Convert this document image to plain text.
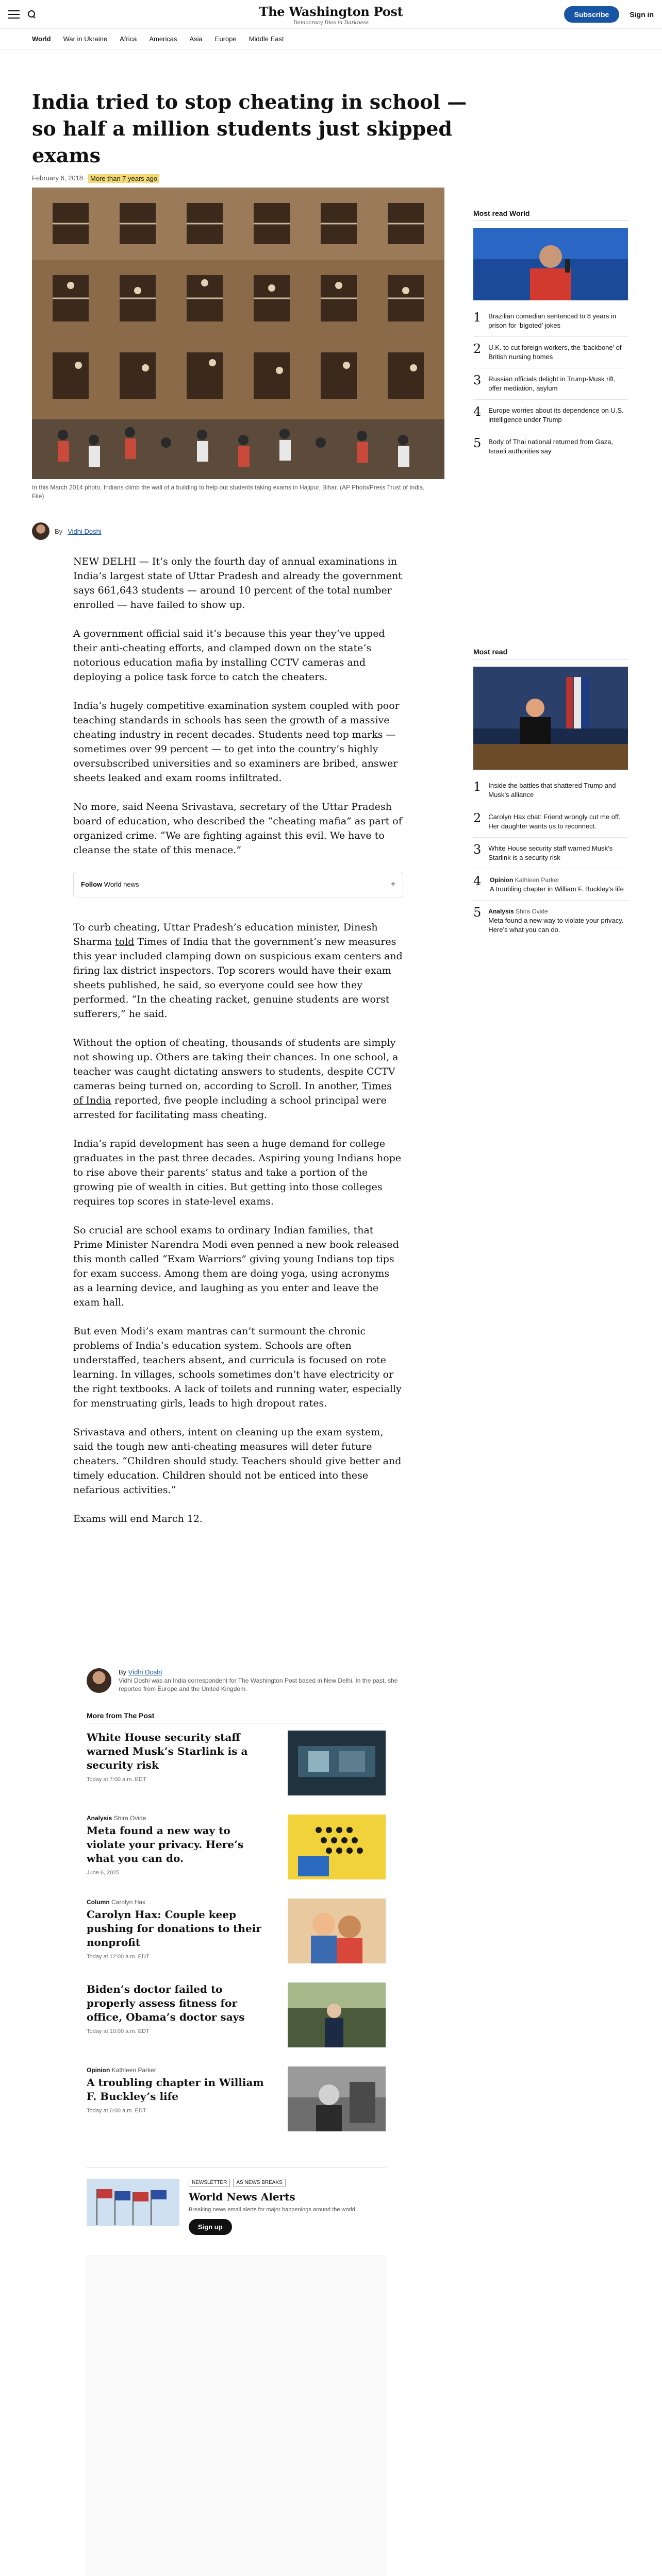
The Washington Post
Democracy Dies in Darkness
Subscribe	Sign in
World War in Ukraine Africa Americas Asia Europe Middle East
India tried to stop cheating in school — so half a million students just skipped exams
February 6, 2018	More than 7 years ago

In this March 2014 photo, Indians climb the wall of a building to help out students taking exams in Hajipur, Bihar. (AP Photo/Press Trust of India, File)

By Vidhi Doshi

NEW DELHI — It’s only the fourth day of annual examinations in India’s largest state of Uttar Pradesh and already the government says 661,643 students — around 10 percent of the total number enrolled — have failed to show up.

A government official said it’s because this year they’ve upped their anti-cheating efforts, and clamped down on the state’s notorious education mafia by installing CCTV cameras and deploying a police task force to catch the cheaters.

India’s hugely competitive examination system coupled with poor teaching standards in schools has seen the growth of a massive cheating industry in recent decades. Students need top marks — sometimes over 99 percent — to get into the country’s highly oversubscribed universities and so examiners are bribed, answer sheets leaked and exam rooms infiltrated.

No more, said Neena Srivastava, secretary of the Uttar Pradesh board of education, who described the “cheating mafia” as part of organized crime. “We are fighting against this evil. We have to cleanse the state of this menace.”

Follow World news	+

To curb cheating, Uttar Pradesh’s education minister, Dinesh Sharma told Times of India that the government’s new measures this year included clamping down on suspicious exam centers and firing lax district inspectors. Top scorers would have their exam sheets published, he said, so everyone could see how they performed. “In the cheating racket, genuine students are worst sufferers,” he said.

Without the option of cheating, thousands of students are simply not showing up. Others are taking their chances. In one school, a teacher was caught dictating answers to students, despite CCTV cameras being turned on, according to Scroll. In another, Times of India reported, five people including a school principal were arrested for facilitating mass cheating.

India’s rapid development has seen a huge demand for college graduates in the past three decades. Aspiring young Indians hope to rise above their parents’ status and take a portion of the growing pie of wealth in cities. But getting into those colleges requires top scores in state-level exams.

So crucial are school exams to ordinary Indian families, that Prime Minister Narendra Modi even penned a new book released this month called “Exam Warriors” giving young Indians top tips for exam success. Among them are doing yoga, using acronyms as a learning device, and laughing as you enter and leave the exam hall.

But even Modi’s exam mantras can’t surmount the chronic problems of India’s education system. Schools are often understaffed, teachers absent, and curricula is focused on rote learning. In villages, schools sometimes don’t have electricity or the right textbooks. A lack of toilets and running water, especially for menstruating girls, leads to high dropout rates.

Srivastava and others, intent on cleaning up the exam system, said the tough new anti-cheating measures will deter future cheaters. “Children should study. Teachers should give better and timely education. Children should not be enticed into these nefarious activities.”

Exams will end March 12.

Most read World
1 Brazilian comedian sentenced to 8 years in prison for ‘bigoted’ jokes
2 U.K. to cut foreign workers, the ‘backbone’ of British nursing homes
3 Russian officials delight in Trump-Musk rift, offer mediation, asylum
4 Europe worries about its dependence on U.S. intelligence under Trump
5 Body of Thai national returned from Gaza, Israeli authorities say
Most read
1 Inside the battles that shattered Trump and Musk’s alliance
2 Carolyn Hax chat: Friend wrongly cut me off. Her daughter wants us to reconnect.
3 White House security staff warned Musk’s Starlink is a security risk
4 Opinion Kathleen Parker
A troubling chapter in William F. Buckley’s life
5 Analysis Shira Ovide
Meta found a new way to violate your privacy. Here’s what you can do.
By Vidhi Doshi
Vidhi Doshi was an India correspondent for The Washington Post based in New Delhi. In the past, she reported from Europe and the United Kingdom.
More from The Post
White House security staff warned Musk’s Starlink is a security risk
Today at 7:00 a.m. EDT
Analysis Shira Ovide
Meta found a new way to violate your privacy. Here’s what you can do.
June 6, 2025
Column Carolyn Hax
Carolyn Hax: Couple keep pushing for donations to their nonprofit
Today at 12:00 a.m. EDT
Biden’s doctor failed to properly assess fitness for office, Obama’s doctor says
Today at 10:00 a.m. EDT
Opinion Kathleen Parker
A troubling chapter in William F. Buckley’s life
Today at 6:00 a.m. EDT
NEWSLETTER	AS NEWS BREAKS
World News Alerts
Breaking news email alerts for major happenings around the world.
Sign up
